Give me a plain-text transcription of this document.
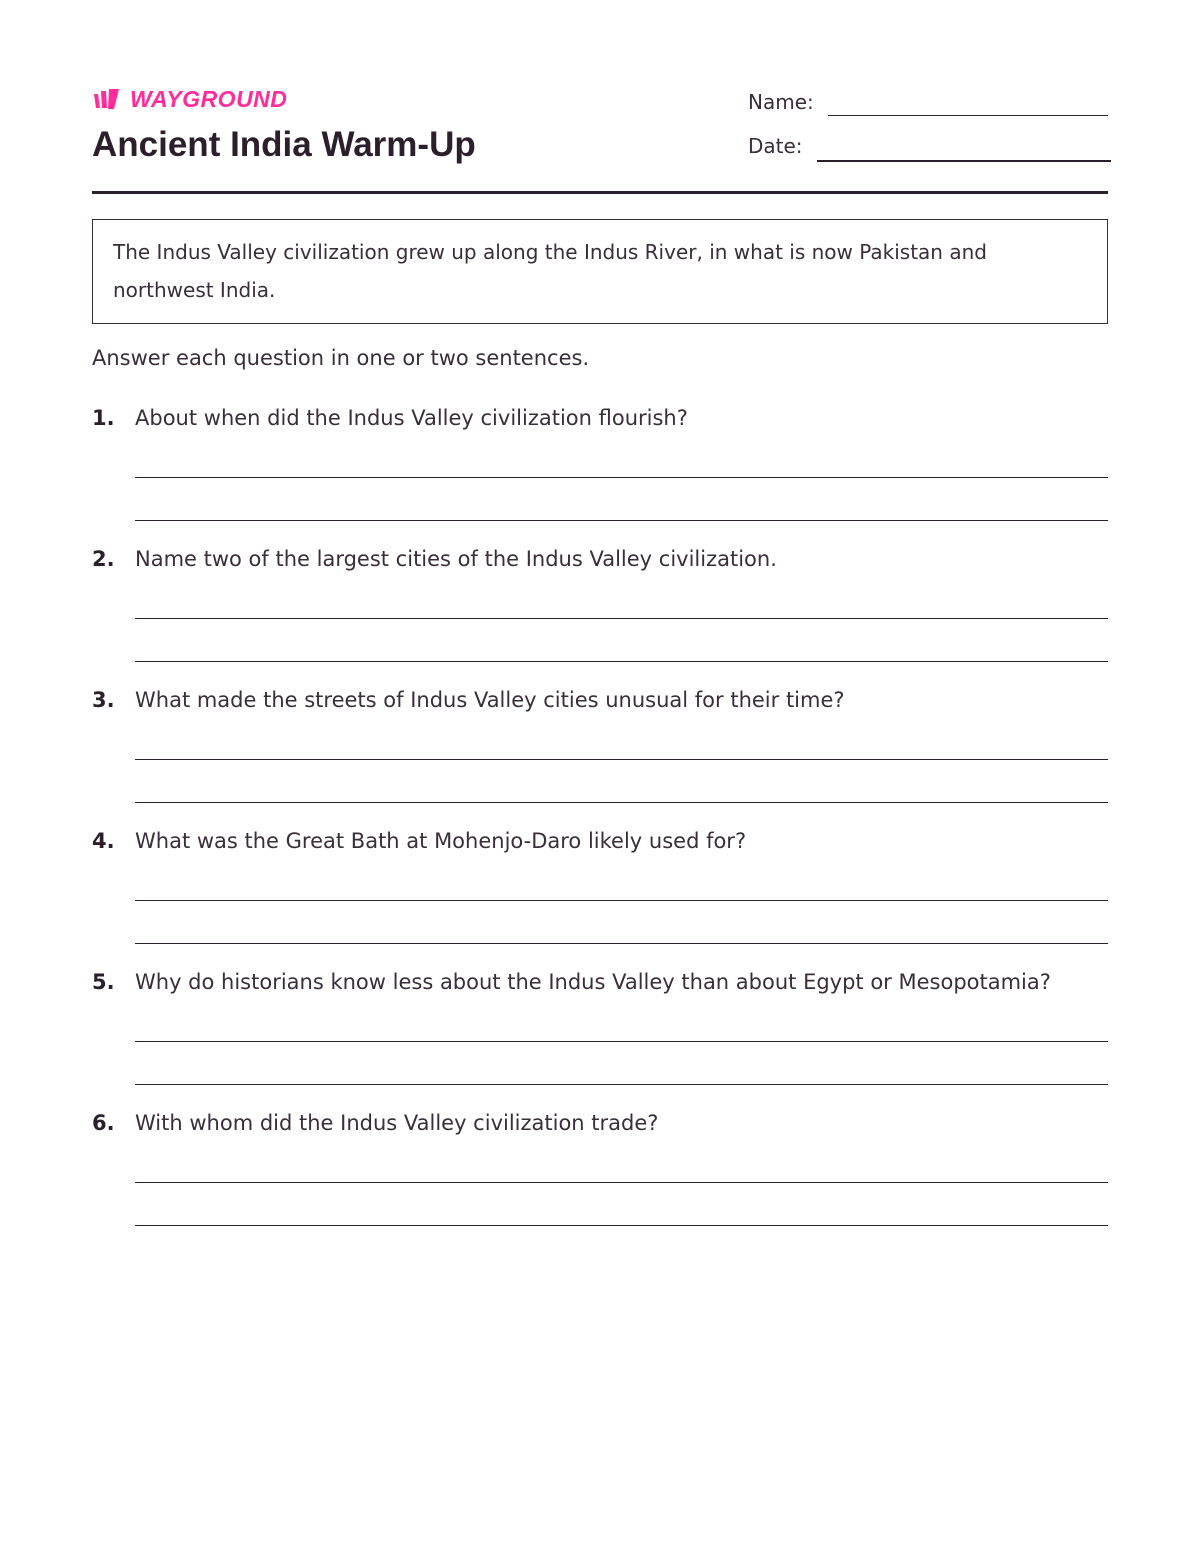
WAYGROUND
Ancient India Warm-Up
Name:
Date:
The Indus Valley civilization grew up along the Indus River, in what is now Pakistan and northwest India.
Answer each question in one or two sentences.
1. About when did the Indus Valley civilization flourish?
2. Name two of the largest cities of the Indus Valley civilization.
3. What made the streets of Indus Valley cities unusual for their time?
4. What was the Great Bath at Mohenjo-Daro likely used for?
5. Why do historians know less about the Indus Valley than about Egypt or Mesopotamia?
6. With whom did the Indus Valley civilization trade?
